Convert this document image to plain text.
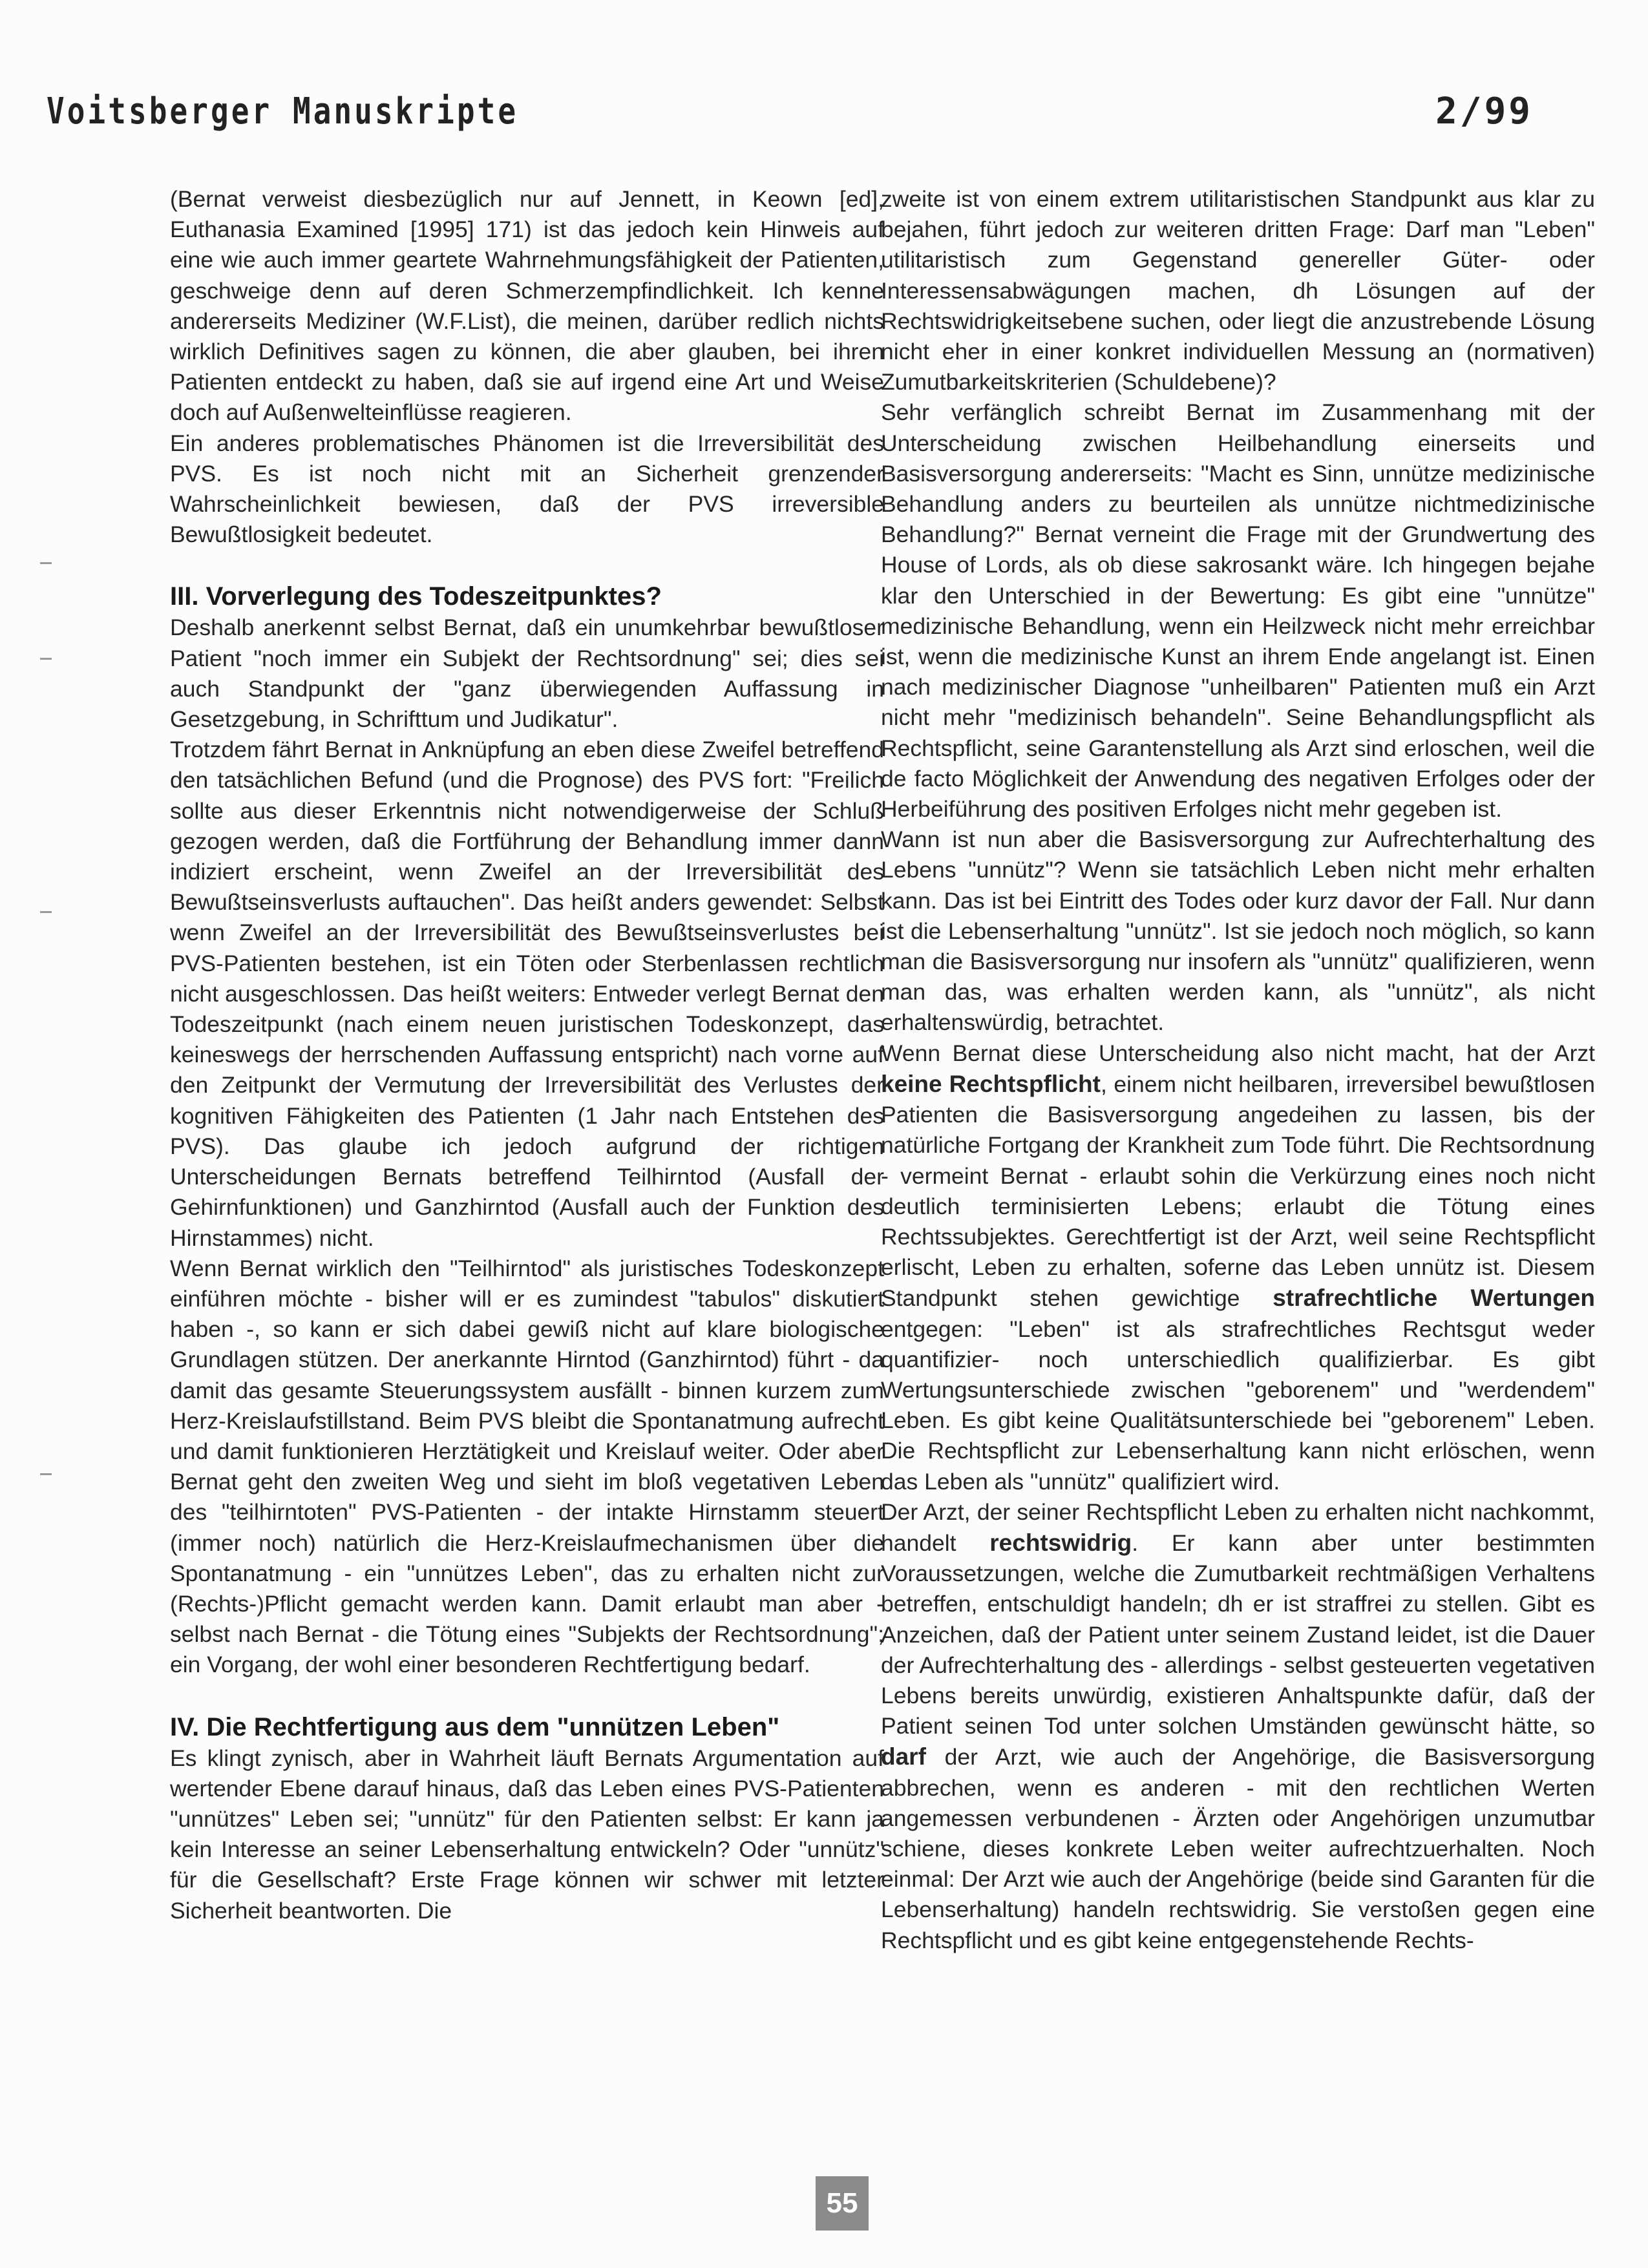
Voitsberger Manuskripte	2/99

(Bernat verweist diesbezüglich nur auf Jennett, in Keown [ed], Euthanasia Examined [1995] 171) ist das jedoch kein Hinweis auf eine wie auch immer geartete Wahrnehmungsfähigkeit der Patienten, geschweige denn auf deren Schmerzempfindlichkeit. Ich kenne andererseits Mediziner (W.F.List), die meinen, darüber redlich nichts wirklich Definitives sagen zu können, die aber glauben, bei ihren Patienten entdeckt zu haben, daß sie auf irgend eine Art und Weise doch auf Außenwelteinflüsse reagieren.

Ein anderes problematisches Phänomen ist die Irreversibilität des PVS. Es ist noch nicht mit an Sicherheit grenzender Wahrscheinlichkeit bewiesen, daß der PVS irreversible Bewußtlosigkeit bedeutet.

III. Vorverlegung des Todeszeitpunktes?

Deshalb anerkennt selbst Bernat, daß ein unumkehrbar bewußtloser Patient "noch immer ein Subjekt der Rechtsordnung" sei; dies sei auch Standpunkt der "ganz überwiegenden Auffassung in Gesetzgebung, in Schrifttum und Judikatur".

Trotzdem fährt Bernat in Anknüpfung an eben diese Zweifel betreffend den tatsächlichen Befund (und die Prognose) des PVS fort: "Freilich sollte aus dieser Erkenntnis nicht notwendigerweise der Schluß gezogen werden, daß die Fortführung der Behandlung immer dann indiziert erscheint, wenn Zweifel an der Irreversibilität des Bewußtseinsverlusts auftauchen". Das heißt anders gewendet: Selbst wenn Zweifel an der Irreversibilität des Bewußtseinsverlustes bei PVS-Patienten bestehen, ist ein Töten oder Sterbenlassen rechtlich nicht ausgeschlossen. Das heißt weiters: Entweder verlegt Bernat den Todeszeitpunkt (nach einem neuen juristischen Todeskonzept, das keineswegs der herrschenden Auffassung entspricht) nach vorne auf den Zeitpunkt der Vermutung der Irreversibilität des Verlustes der kognitiven Fähigkeiten des Patienten (1 Jahr nach Entstehen des PVS). Das glaube ich jedoch aufgrund der richtigen Unterscheidungen Bernats betreffend Teilhirntod (Ausfall der Gehirnfunktionen) und Ganzhirntod (Ausfall auch der Funktion des Hirnstammes) nicht.

Wenn Bernat wirklich den "Teilhirntod" als juristisches Todeskonzept einführen möchte - bisher will er es zumindest "tabulos" diskutiert haben -, so kann er sich dabei gewiß nicht auf klare biologische Grundlagen stützen. Der anerkannte Hirntod (Ganzhirntod) führt - da damit das gesamte Steuerungssystem ausfällt - binnen kurzem zum Herz-Kreislaufstillstand. Beim PVS bleibt die Spontanatmung aufrecht und damit funktionieren Herztätigkeit und Kreislauf weiter. Oder aber Bernat geht den zweiten Weg und sieht im bloß vegetativen Leben des "teilhirntoten" PVS-Patienten - der intakte Hirnstamm steuert (immer noch) natürlich die Herz-Kreislaufmechanismen über die Spontanatmung - ein "unnützes Leben", das zu erhalten nicht zur (Rechts-)Pflicht gemacht werden kann. Damit erlaubt man aber - selbst nach Bernat - die Tötung eines "Subjekts der Rechtsordnung"; ein Vorgang, der wohl einer besonderen Rechtfertigung bedarf.

IV. Die Rechtfertigung aus dem "unnützen Leben"

Es klingt zynisch, aber in Wahrheit läuft Bernats Argumentation auf wertender Ebene darauf hinaus, daß das Leben eines PVS-Patienten "unnützes" Leben sei; "unnütz" für den Patienten selbst: Er kann ja kein Interesse an seiner Lebenserhaltung entwickeln? Oder "unnütz" für die Gesellschaft? Erste Frage können wir schwer mit letzter Sicherheit beantworten. Die

zweite ist von einem extrem utilitaristischen Standpunkt aus klar zu bejahen, führt jedoch zur weiteren dritten Frage: Darf man "Leben" utilitaristisch zum Gegenstand genereller Güter- oder Interessensabwägungen machen, dh Lösungen auf der Rechtswidrigkeitsebene suchen, oder liegt die anzustrebende Lösung nicht eher in einer konkret individuellen Messung an (normativen) Zumutbarkeitskriterien (Schuldebene)?

Sehr verfänglich schreibt Bernat im Zusammenhang mit der Unterscheidung zwischen Heilbehandlung einerseits und Basisversorgung andererseits: "Macht es Sinn, unnütze medizinische Behandlung anders zu beurteilen als unnütze nichtmedizinische Behandlung?" Bernat verneint die Frage mit der Grundwertung des House of Lords, als ob diese sakrosankt wäre. Ich hingegen bejahe klar den Unterschied in der Bewertung: Es gibt eine "unnütze" medizinische Behandlung, wenn ein Heilzweck nicht mehr erreichbar ist, wenn die medizinische Kunst an ihrem Ende angelangt ist. Einen nach medizinischer Diagnose "unheilbaren" Patienten muß ein Arzt nicht mehr "medizinisch behandeln". Seine Behandlungspflicht als Rechtspflicht, seine Garantenstellung als Arzt sind erloschen, weil die de facto Möglichkeit der Anwendung des negativen Erfolges oder der Herbeiführung des positiven Erfolges nicht mehr gegeben ist.

Wann ist nun aber die Basisversorgung zur Aufrechterhaltung des Lebens "unnütz"? Wenn sie tatsächlich Leben nicht mehr erhalten kann. Das ist bei Eintritt des Todes oder kurz davor der Fall. Nur dann ist die Lebenserhaltung "unnütz". Ist sie jedoch noch möglich, so kann man die Basisversorgung nur insofern als "unnütz" qualifizieren, wenn man das, was erhalten werden kann, als "unnütz", als nicht erhaltenswürdig, betrachtet.

Wenn Bernat diese Unterscheidung also nicht macht, hat der Arzt keine Rechtspflicht, einem nicht heilbaren, irreversibel bewußtlosen Patienten die Basisversorgung angedeihen zu lassen, bis der natürliche Fortgang der Krankheit zum Tode führt. Die Rechtsordnung - vermeint Bernat - erlaubt sohin die Verkürzung eines noch nicht deutlich terminisierten Lebens; erlaubt die Tötung eines Rechtssubjektes. Gerechtfertigt ist der Arzt, weil seine Rechtspflicht erlischt, Leben zu erhalten, soferne das Leben unnütz ist. Diesem Standpunkt stehen gewichtige strafrechtliche Wertungen entgegen: "Leben" ist als strafrechtliches Rechtsgut weder quantifizier- noch unterschiedlich qualifizierbar. Es gibt Wertungsunterschiede zwischen "geborenem" und "werdendem" Leben. Es gibt keine Qualitätsunterschiede bei "geborenem" Leben. Die Rechtspflicht zur Lebenserhaltung kann nicht erlöschen, wenn das Leben als "unnütz" qualifiziert wird.

Der Arzt, der seiner Rechtspflicht Leben zu erhalten nicht nachkommt, handelt rechtswidrig. Er kann aber unter bestimmten Voraussetzungen, welche die Zumutbarkeit rechtmäßigen Verhaltens betreffen, entschuldigt handeln; dh er ist straffrei zu stellen. Gibt es Anzeichen, daß der Patient unter seinem Zustand leidet, ist die Dauer der Aufrechterhaltung des - allerdings - selbst gesteuerten vegetativen Lebens bereits unwürdig, existieren Anhaltspunkte dafür, daß der Patient seinen Tod unter solchen Umständen gewünscht hätte, so darf der Arzt, wie auch der Angehörige, die Basisversorgung abbrechen, wenn es anderen - mit den rechtlichen Werten angemessen verbundenen - Ärzten oder Angehörigen unzumutbar schiene, dieses konkrete Leben weiter aufrechtzuerhalten. Noch einmal: Der Arzt wie auch der Angehörige (beide sind Garanten für die Lebenserhaltung) handeln rechtswidrig. Sie verstoßen gegen eine Rechtspflicht und es gibt keine entgegenstehende Rechts-

55
